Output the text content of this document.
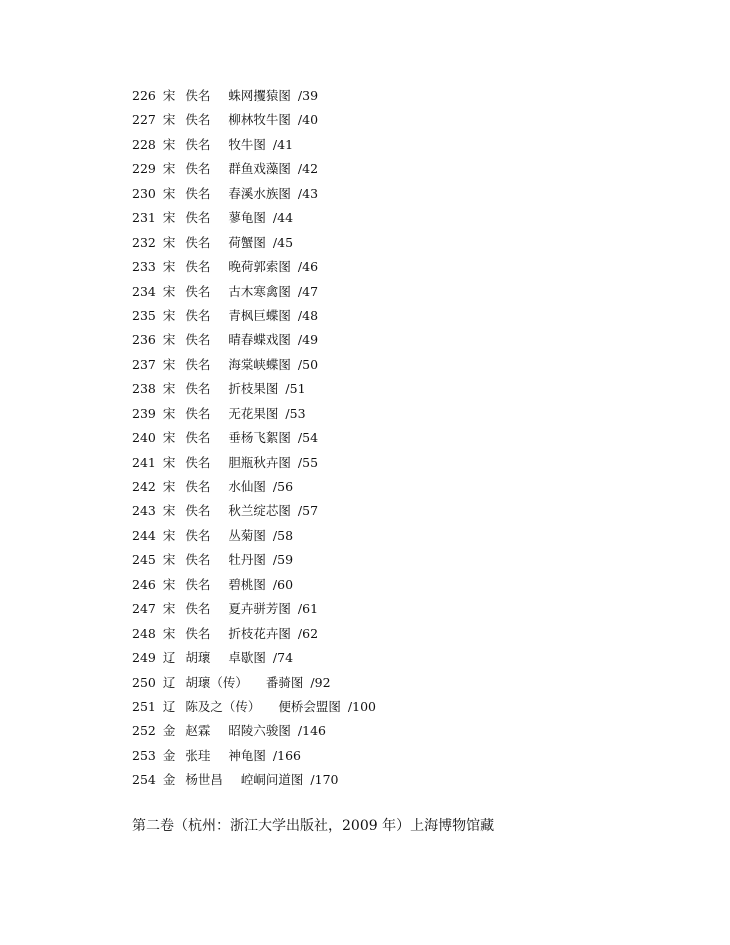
226 宋 佚名 蛛网攫猿图 /39
227 宋 佚名 柳林牧牛图 /40
228 宋 佚名 牧牛图 /41
229 宋 佚名 群鱼戏藻图 /42
230 宋 佚名 春溪水族图 /43
231 宋 佚名 蓼龟图 /44
232 宋 佚名 荷蟹图 /45
233 宋 佚名 晚荷郭索图 /46
234 宋 佚名 古木寒禽图 /47
235 宋 佚名 青枫巨蝶图 /48
236 宋 佚名 晴春蝶戏图 /49
237 宋 佚名 海棠峡蝶图 /50
238 宋 佚名 折枝果图 /51
239 宋 佚名 无花果图 /53
240 宋 佚名 垂杨飞絮图 /54
241 宋 佚名 胆瓶秋卉图 /55
242 宋 佚名 水仙图 /56
243 宋 佚名 秋兰绽芯图 /57
244 宋 佚名 丛菊图 /58
245 宋 佚名 牡丹图 /59
246 宋 佚名 碧桃图 /60
247 宋 佚名 夏卉骈芳图 /61
248 宋 佚名 折枝花卉图 /62
249 辽 胡瓌 卓歇图 /74
250 辽 胡瓌（传） 番骑图 /92
251 辽 陈及之（传） 便桥会盟图 /100
252 金 赵霖 昭陵六骏图 /146
253 金 张珪 神龟图 /166
254 金 杨世昌 崆峒问道图 /170
第二卷（杭州：浙江大学出版社，2009 年）上海博物馆藏
